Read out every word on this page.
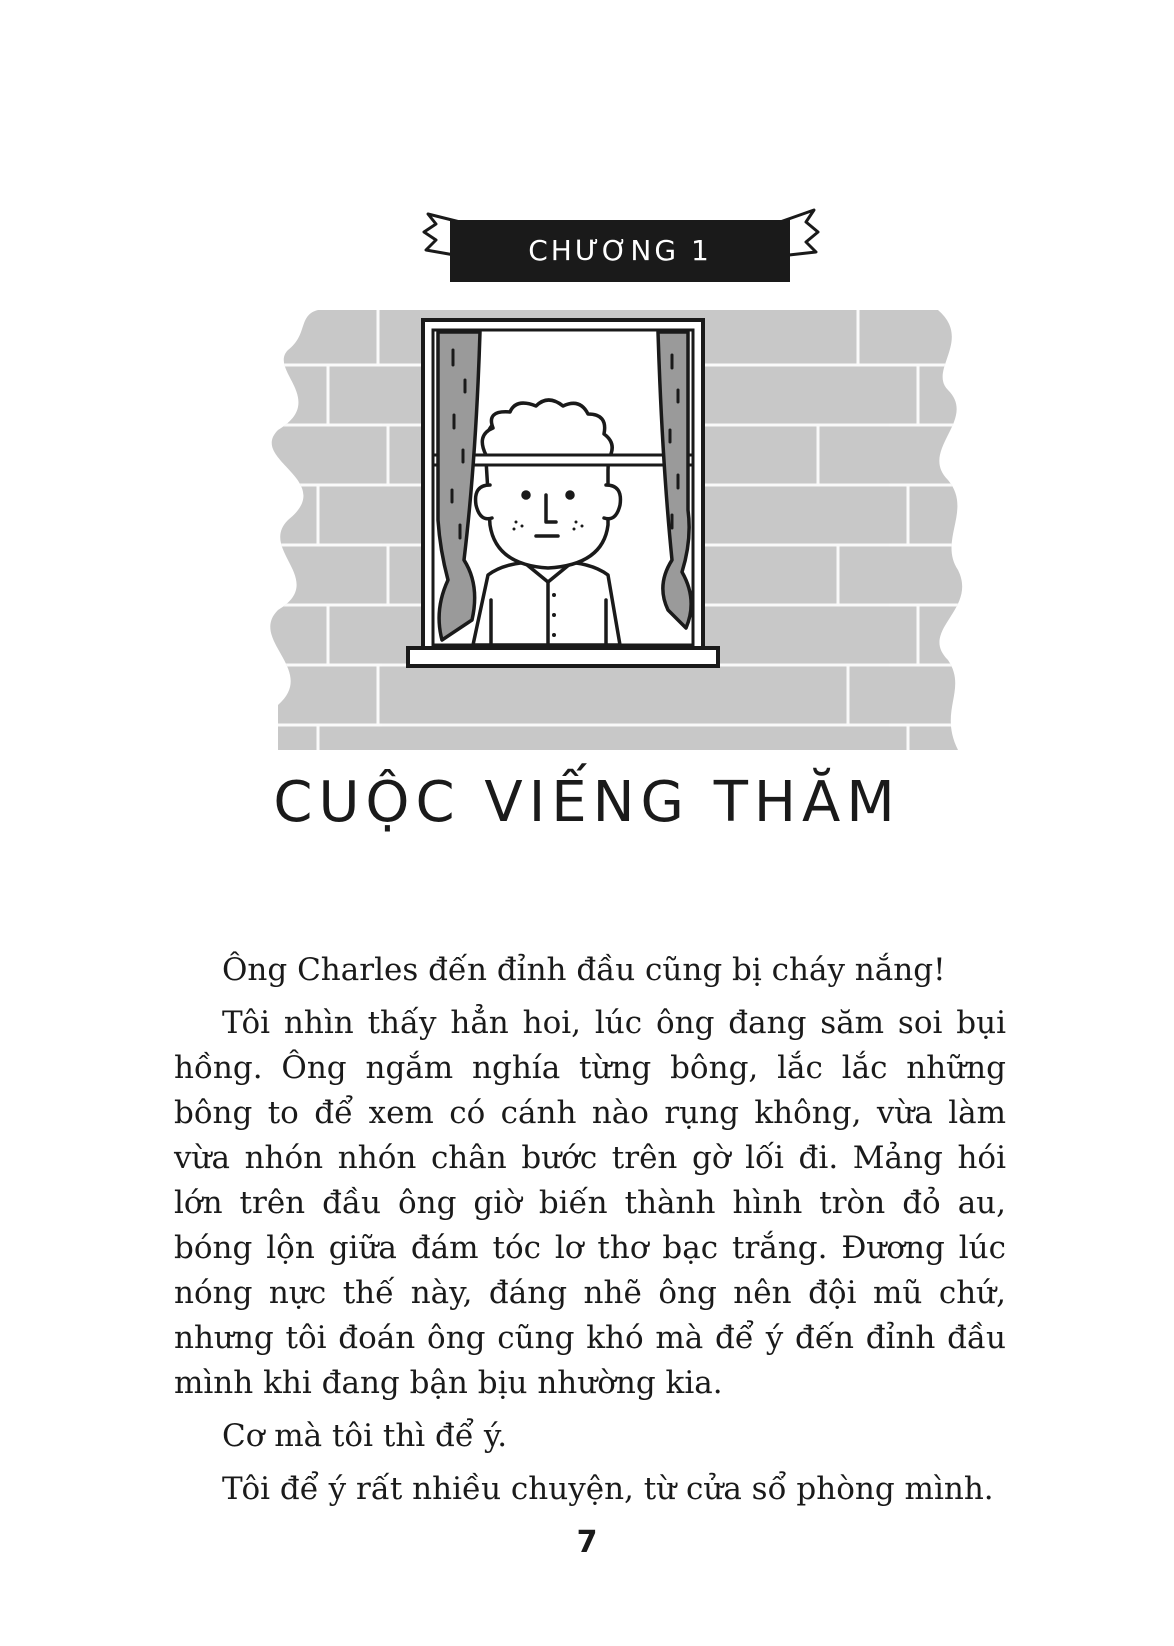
CHƯƠNG 1
CUỘC VIẾNG THĂM

Ông Charles đến đỉnh đầu cũng bị cháy nắng!

Tôi nhìn thấy hẳn hoi, lúc ông đang săm soi bụi hồng. Ông ngắm nghía từng bông, lắc lắc những bông to để xem có cánh nào rụng không, vừa làm vừa nhón nhón chân bước trên gờ lối đi. Mảng hói lớn trên đầu ông giờ biến thành hình tròn đỏ au, bóng lộn giữa đám tóc lơ thơ bạc trắng. Đương lúc nóng nực thế này, đáng nhẽ ông nên đội mũ chứ, nhưng tôi đoán ông cũng khó mà để ý đến đỉnh đầu mình khi đang bận bịu nhường kia.

Cơ mà tôi thì để ý.

Tôi để ý rất nhiều chuyện, từ cửa sổ phòng mình.

7
